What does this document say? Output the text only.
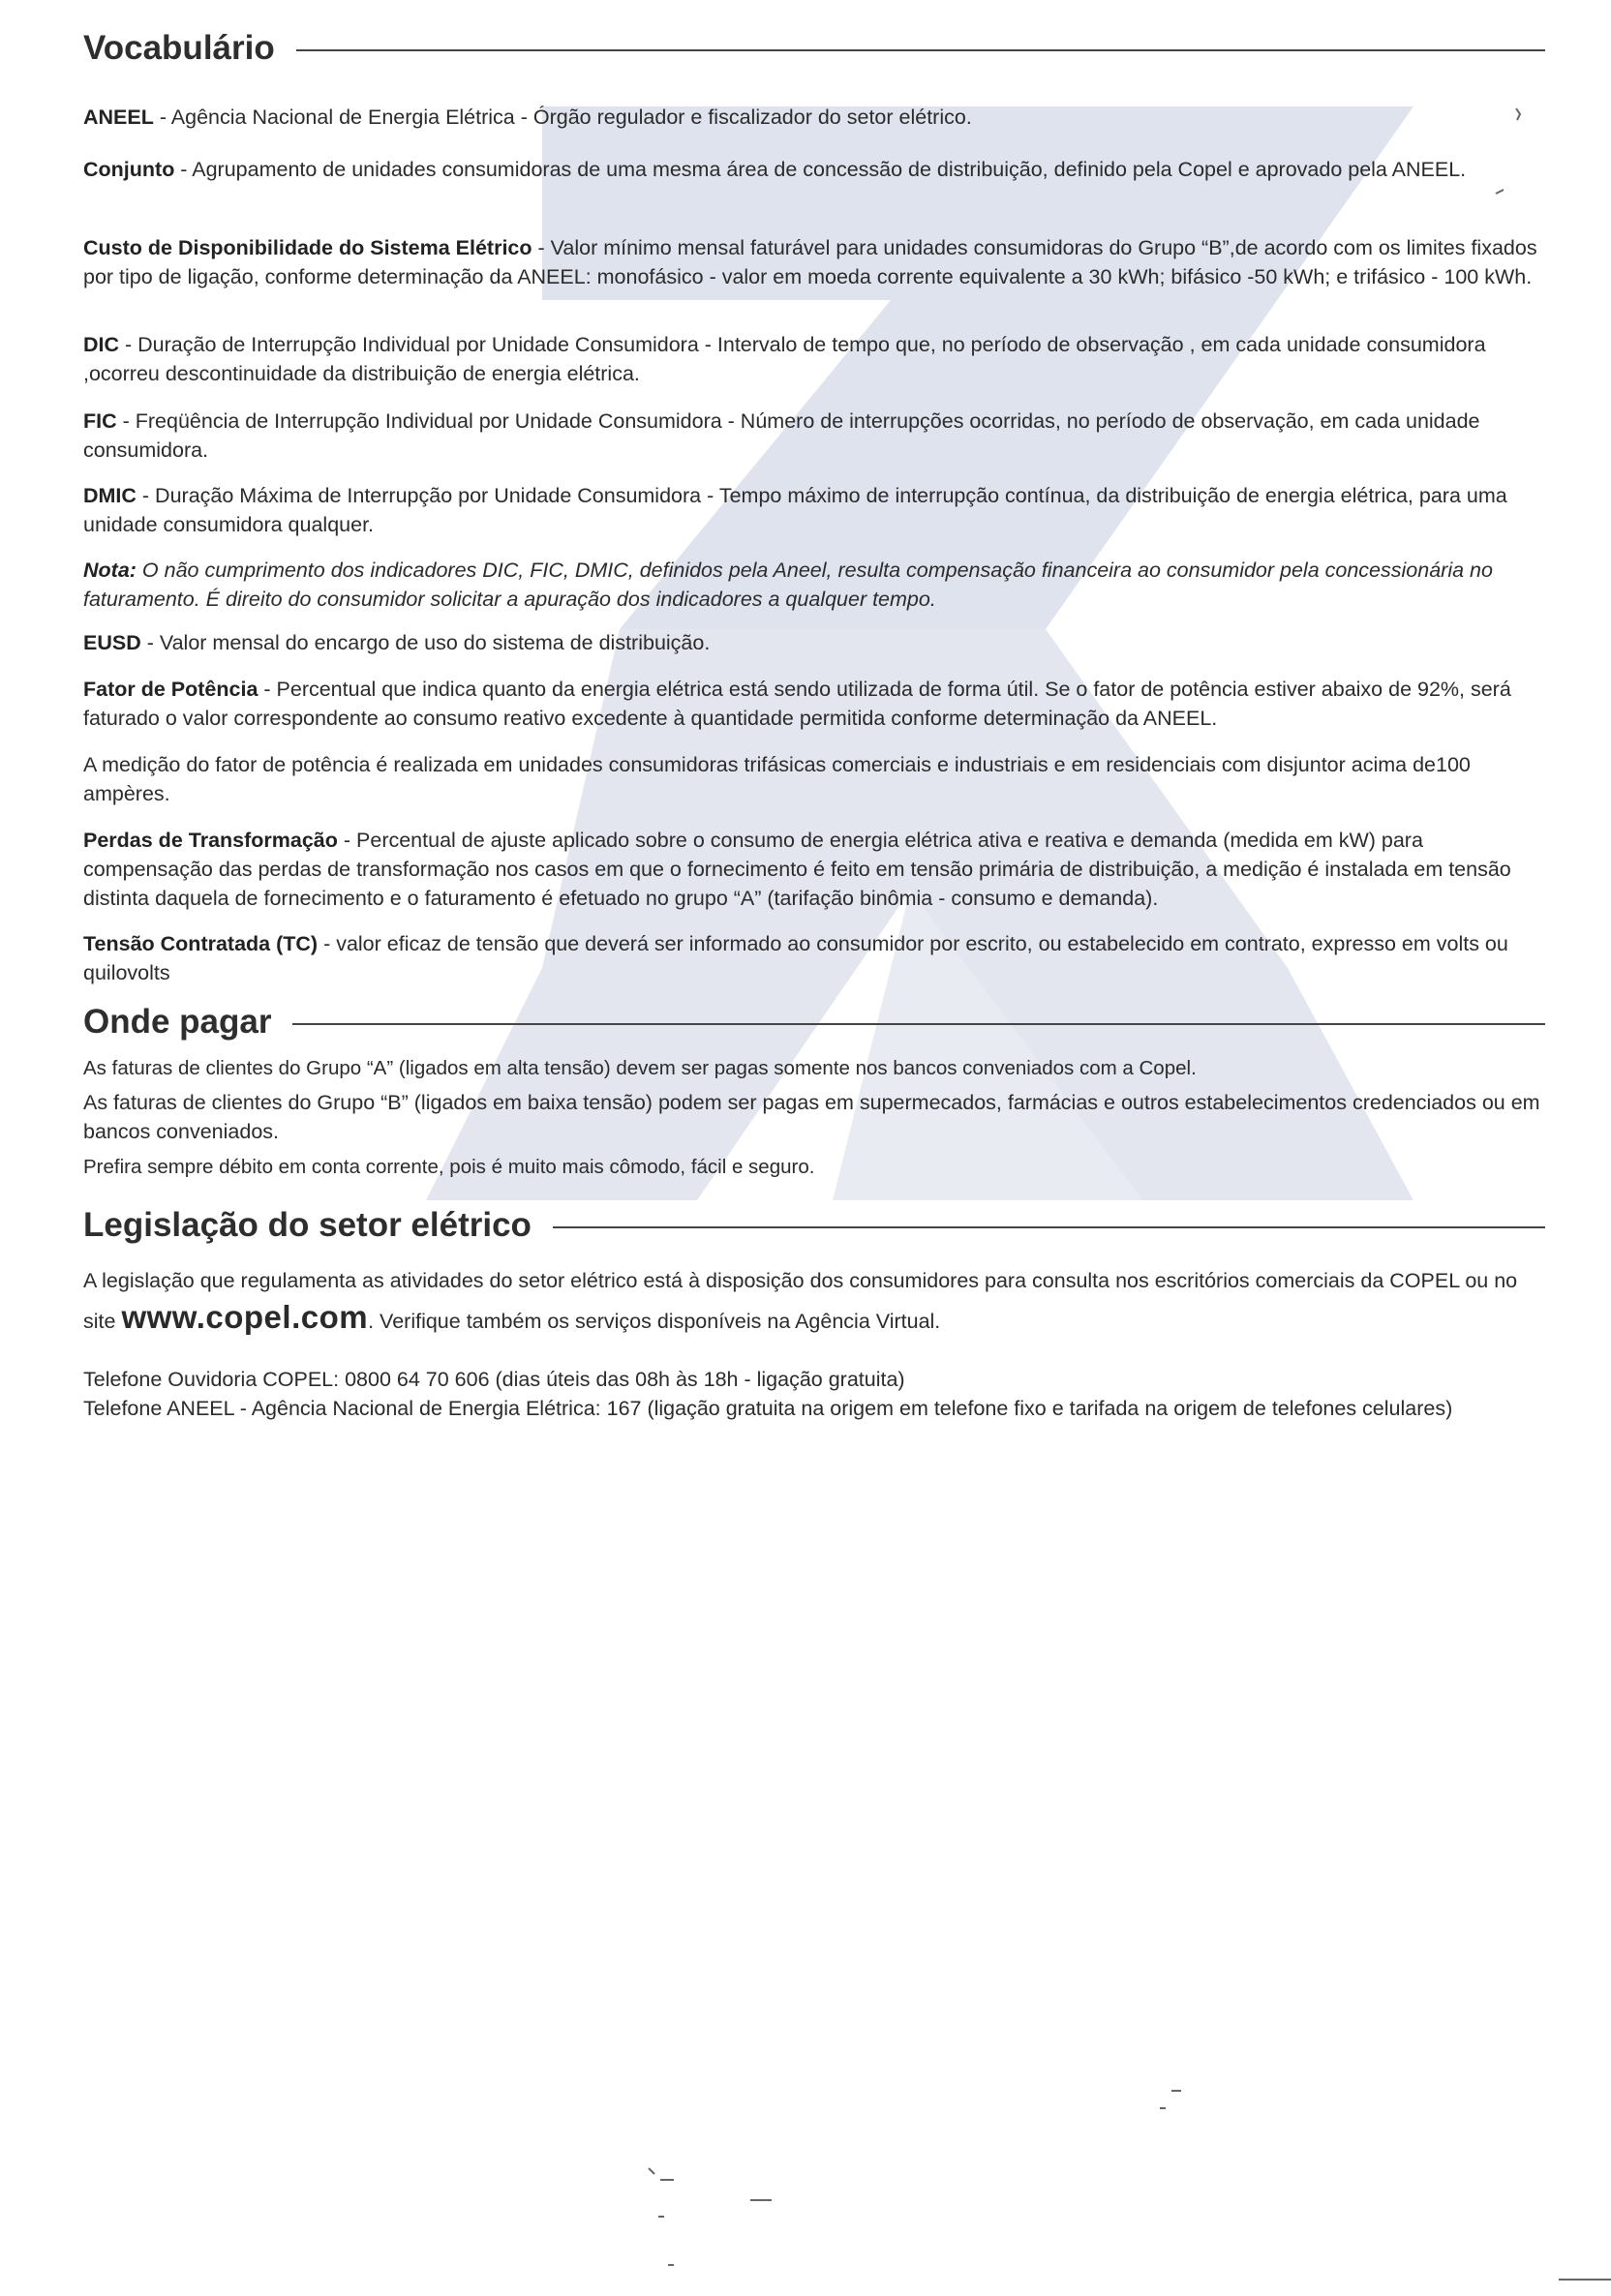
Vocabulário

ANEEL - Agência Nacional de Energia Elétrica - Órgão regulador e fiscalizador do setor elétrico.

Conjunto - Agrupamento de unidades consumidoras de uma mesma área de concessão de distribuição, definido pela Copel e aprovado pela ANEEL.

Custo de Disponibilidade do Sistema Elétrico - Valor mínimo mensal faturável para unidades consumidoras do Grupo “B”,de acordo com os limites fixados por tipo de ligação, conforme determinação da ANEEL: monofásico - valor em moeda corrente equivalente a 30 kWh; bifásico -50 kWh; e trifásico - 100 kWh.

DIC - Duração de Interrupção Individual por Unidade Consumidora - Intervalo de tempo que, no período de observação , em cada unidade consumidora ,ocorreu descontinuidade da distribuição de energia elétrica.

FIC - Freqüência de Interrupção Individual por Unidade Consumidora - Número de interrupções ocorridas, no período de observação, em cada unidade consumidora.

DMIC - Duração Máxima de Interrupção por Unidade Consumidora - Tempo máximo de interrupção contínua, da distribuição de energia elétrica, para uma unidade consumidora qualquer.

Nota: O não cumprimento dos indicadores DIC, FIC, DMIC, definidos pela Aneel, resulta compensação financeira ao consumidor pela concessionária no faturamento. É direito do consumidor solicitar a apuração dos indicadores a qualquer tempo.

EUSD - Valor mensal do encargo de uso do sistema de distribuição.

Fator de Potência - Percentual que indica quanto da energia elétrica está sendo utilizada de forma útil. Se o fator de potência estiver abaixo de 92%, será faturado o valor correspondente ao consumo reativo excedente à quantidade permitida conforme determinação da ANEEL.

A medição do fator de potência é realizada em unidades consumidoras trifásicas comerciais e industriais e em residenciais com disjuntor acima de100 ampères.

Perdas de Transformação - Percentual de ajuste aplicado sobre o consumo de energia elétrica ativa e reativa e demanda (medida em kW) para compensação das perdas de transformação nos casos em que o fornecimento é feito em tensão primária de distribuição, a medição é instalada em tensão distinta daquela de fornecimento e o faturamento é efetuado no grupo “A” (tarifação binômia - consumo e demanda).

Tensão Contratada (TC) - valor eficaz de tensão que deverá ser informado ao consumidor por escrito, ou estabelecido em contrato, expresso em volts ou quilovolts

Onde pagar

As faturas de clientes do Grupo “A” (ligados em alta tensão) devem ser pagas somente nos bancos conveniados com a Copel.

As faturas de clientes do Grupo “B” (ligados em baixa tensão) podem ser pagas em supermecados, farmácias e outros estabelecimentos credenciados ou em bancos conveniados.

Prefira sempre débito em conta corrente, pois é muito mais cômodo, fácil e seguro.

Legislação do setor elétrico

A legislação que regulamenta as atividades do setor elétrico está à disposição dos consumidores para consulta nos escritórios comerciais da COPEL ou no site www.copel.com. Verifique também os serviços disponíveis na Agência Virtual.

Telefone Ouvidoria COPEL: 0800 64 70 606 (dias úteis das 08h às 18h - ligação gratuita)

Telefone ANEEL - Agência Nacional de Energia Elétrica: 167 (ligação gratuita na origem em telefone fixo e tarifada na origem de telefones celulares)
